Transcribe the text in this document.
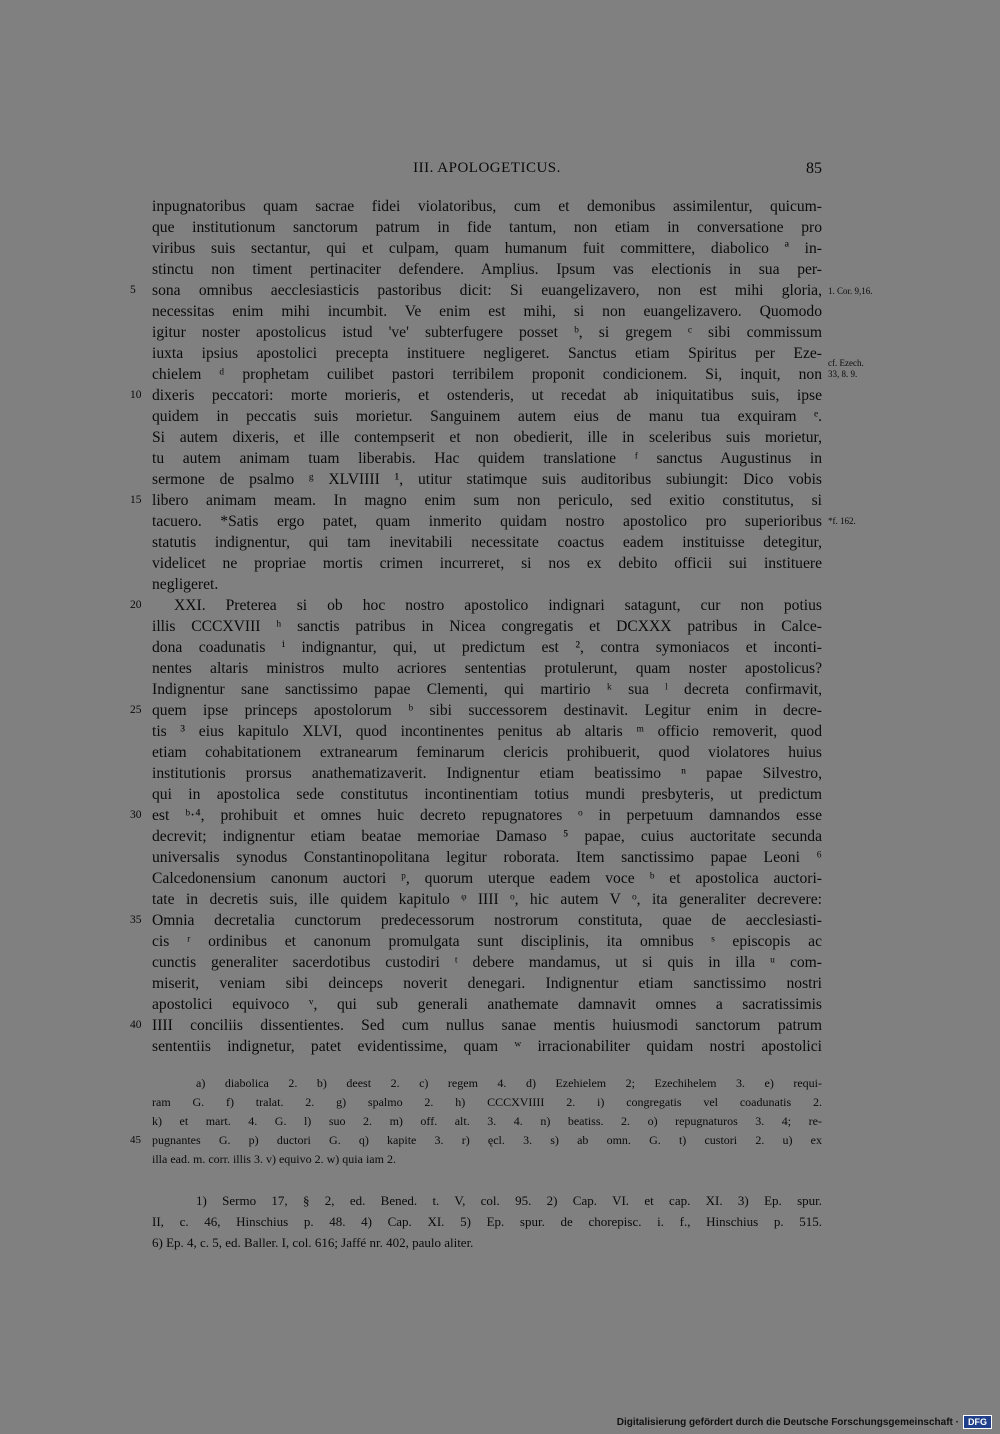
III. APOLOGETICUS.	85
inpugnatoribus quam sacrae fidei violatoribus, cum et demonibus assimilentur, quicum-
que institutionum sanctorum patrum in fide tantum, non etiam in conversatione pro
viribus suis sectantur, qui et culpam, quam humanum fuit committere, diabolico ª in-
stinctu non timent pertinaciter defendere. Amplius. Ipsum vas electionis in sua per-
sona omnibus aecclesiasticis pastoribus dicit: Si euangelizavero, non est mihi gloria,
necessitas enim mihi incumbit. Ve enim est mihi, si non euangelizavero. Quomodo
igitur noster apostolicus istud 've' subterfugere posset ᵇ, si gregem ᶜ sibi commissum
iuxta ipsius apostolici precepta instituere negligeret. Sanctus etiam Spiritus per Eze-
chielem ᵈ prophetam cuilibet pastori terribilem proponit condicionem. Si, inquit, non
dixeris peccatori: morte morieris, et ostenderis, ut recedat ab iniquitatibus suis, ipse
quidem in peccatis suis morietur. Sanguinem autem eius de manu tua exquiram ᵉ.
Si autem dixeris, et ille contempserit et non obedierit, ille in sceleribus suis morietur,
tu autem animam tuam liberabis. Hac quidem translatione ᶠ sanctus Augustinus in
sermone de psalmo ᵍ XLVIIII ¹, utitur statimque suis auditoribus subiungit: Dico vobis
libero animam meam. In magno enim sum non periculo, sed exitio constitutus, si
tacuero. *Satis ergo patet, quam inmerito quidam nostro apostolico pro superioribus
statutis indignentur, qui tam inevitabili necessitate coactus eadem instituisse detegitur,
videlicet ne propriae mortis crimen incurreret, si nos ex debito officii sui instituere
negligeret.
XXI. Preterea si ob hoc nostro apostolico indignari satagunt, cur non potius
illis CCCXVIII ʰ sanctis patribus in Nicea congregatis et DCXXX patribus in Calce-
dona coadunatis ⁱ indignantur, qui, ut predictum est ², contra symoniacos et inconti-
nentes altaris ministros multo acriores sententias protulerunt, quam noster apostolicus?
Indignentur sane sanctissimo papae Clementi, qui martirio ᵏ sua ˡ decreta confirmavit,
quem ipse princeps apostolorum ᵇ sibi successorem destinavit. Legitur enim in decre-
tis ³ eius kapitulo XLVI, quod incontinentes penitus ab altaris ᵐ officio removerit, quod
etiam cohabitationem extranearum feminarum clericis prohibuerit, quod violatores huius
institutionis prorsus anathematizaverit. Indignentur etiam beatissimo ⁿ papae Silvestro,
qui in apostolica sede constitutus incontinentiam totius mundi presbyteris, ut predictum
est ᵇ·⁴, prohibuit et omnes huic decreto repugnatores ᵒ in perpetuum damnandos esse
decrevit; indignentur etiam beatae memoriae Damaso ⁵ papae, cuius auctoritate secunda
universalis synodus Constantinopolitana legitur roborata. Item sanctissimo papae Leoni ⁶
Calcedonensium canonum auctori ᵖ, quorum uterque eadem voce ᵇ et apostolica auctori-
tate in decretis suis, ille quidem kapitulo ᵠ IIII ᵒ, hic autem V ᵒ, ita generaliter decrevere:
Omnia decretalia cunctorum predecessorum nostrorum constituta, quae de aecclesiasti-
cis ʳ ordinibus et canonum promulgata sunt disciplinis, ita omnibus ˢ episcopis ac
cunctis generaliter sacerdotibus custodiri ᵗ debere mandamus, ut si quis in illa ᵘ com-
miserit, veniam sibi deinceps noverit denegari. Indignentur etiam sanctissimo nostri
apostolici equivoco ᵛ, qui sub generali anathemate damnavit omnes a sacratissimis
IIII conciliis dissentientes. Sed cum nullus sanae mentis huiusmodi sanctorum patrum
sententiis indignetur, patet evidentissime, quam ʷ irracionabiliter quidam nostri apostolici
5
10
15
20
25
30
35
40
1. Cor. 9,16.
cf. Ezech.
33, 8. 9.
*f. 162.
a) diabolica 2. b) deest 2. c) regem 4. d) Ezehielem 2; Ezechihelem 3. e) requi-
ram G. f) tralat. 2. g) spalmo 2. h) CCCXVIIII 2. i) congregatis vel coadunatis 2.
k) et mart. 4. G. l) suo 2. m) off. alt. 3. 4. n) beatiss. 2. o) repugnaturos 3. 4; re-
pugnantes G. p) ductori G. q) kapite 3. r) ęcl. 3. s) ab omn. G. t) custori 2. u) ex
illa ead. m. corr. illis 3. v) equivo 2. w) quia iam 2.
45
1) Sermo 17, § 2, ed. Bened. t. V, col. 95. 2) Cap. VI. et cap. XI. 3) Ep. spur.
II, c. 46, Hinschius p. 48. 4) Cap. XI. 5) Ep. spur. de chorepisc. i. f., Hinschius p. 515.
6) Ep. 4, c. 5, ed. Baller. I, col. 616; Jaffé nr. 402, paulo aliter.
Digitalisierung gefördert durch die Deutsche Forschungsgemeinschaft ·	DFG
